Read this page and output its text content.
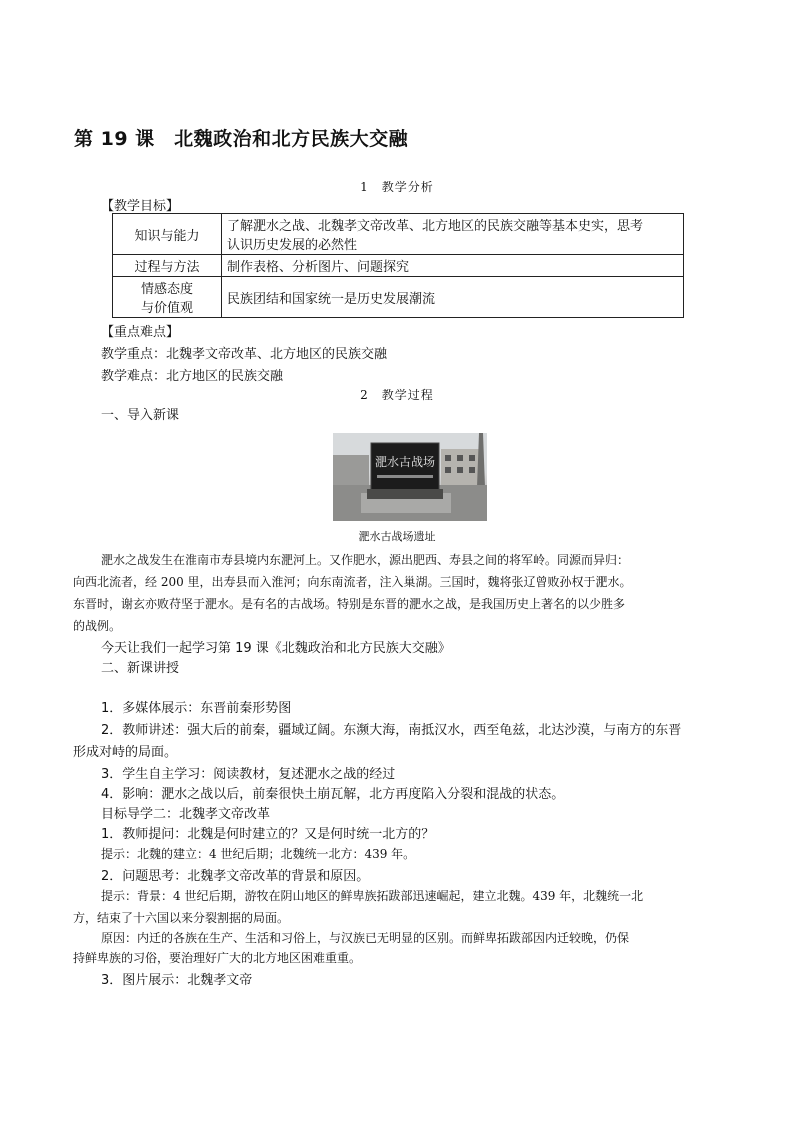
第 19 课　北魏政治和北方民族大交融
1　教学分析
【教学目标】
知识与能力	了解淝水之战、北魏孝文帝改革、北方地区的民族交融等基本史实，思考
认识历史发展的必然性

过程与方法	制作表格、分析图片、问题探究

情感态度
与价值观	民族团结和国家统一是历史发展潮流
【重点难点】
教学重点：北魏孝文帝改革、北方地区的民族交融
教学难点：北方地区的民族交融
2　教学过程
一、导入新课
淝水古战场
淝水古战场遗址
淝水之战发生在淮南市寿县境内东淝河上。又作肥水，源出肥西、寿县之间的将军岭。同源而异归：
向西北流者，经 200 里，出寿县而入淮河；向东南流者，注入巢湖。三国时，魏将张辽曾败孙权于淝水。
东晋时，谢玄亦败苻坚于淝水。是有名的古战场。特别是东晋的淝水之战，是我国历史上著名的以少胜多
的战例。
今天让我们一起学习第 19 课《北魏政治和北方民族大交融》
二、新课讲授
1．多媒体展示：东晋前秦形势图
2．教师讲述：强大后的前秦，疆域辽阔。东濒大海，南抵汉水，西至龟兹，北达沙漠，与南方的东晋
形成对峙的局面。
3．学生自主学习：阅读教材，复述淝水之战的经过
4．影响：淝水之战以后，前秦很快土崩瓦解，北方再度陷入分裂和混战的状态。
目标导学二：北魏孝文帝改革
1．教师提问：北魏是何时建立的？又是何时统一北方的？
提示：北魏的建立：4 世纪后期；北魏统一北方：439 年。
2．问题思考：北魏孝文帝改革的背景和原因。
提示：背景：4 世纪后期，游牧在阴山地区的鲜卑族拓跋部迅速崛起，建立北魏。439 年，北魏统一北
方，结束了十六国以来分裂割据的局面。
原因：内迁的各族在生产、生活和习俗上，与汉族已无明显的区别。而鲜卑拓跋部因内迁较晚，仍保
持鲜卑族的习俗，要治理好广大的北方地区困难重重。
3．图片展示：北魏孝文帝
